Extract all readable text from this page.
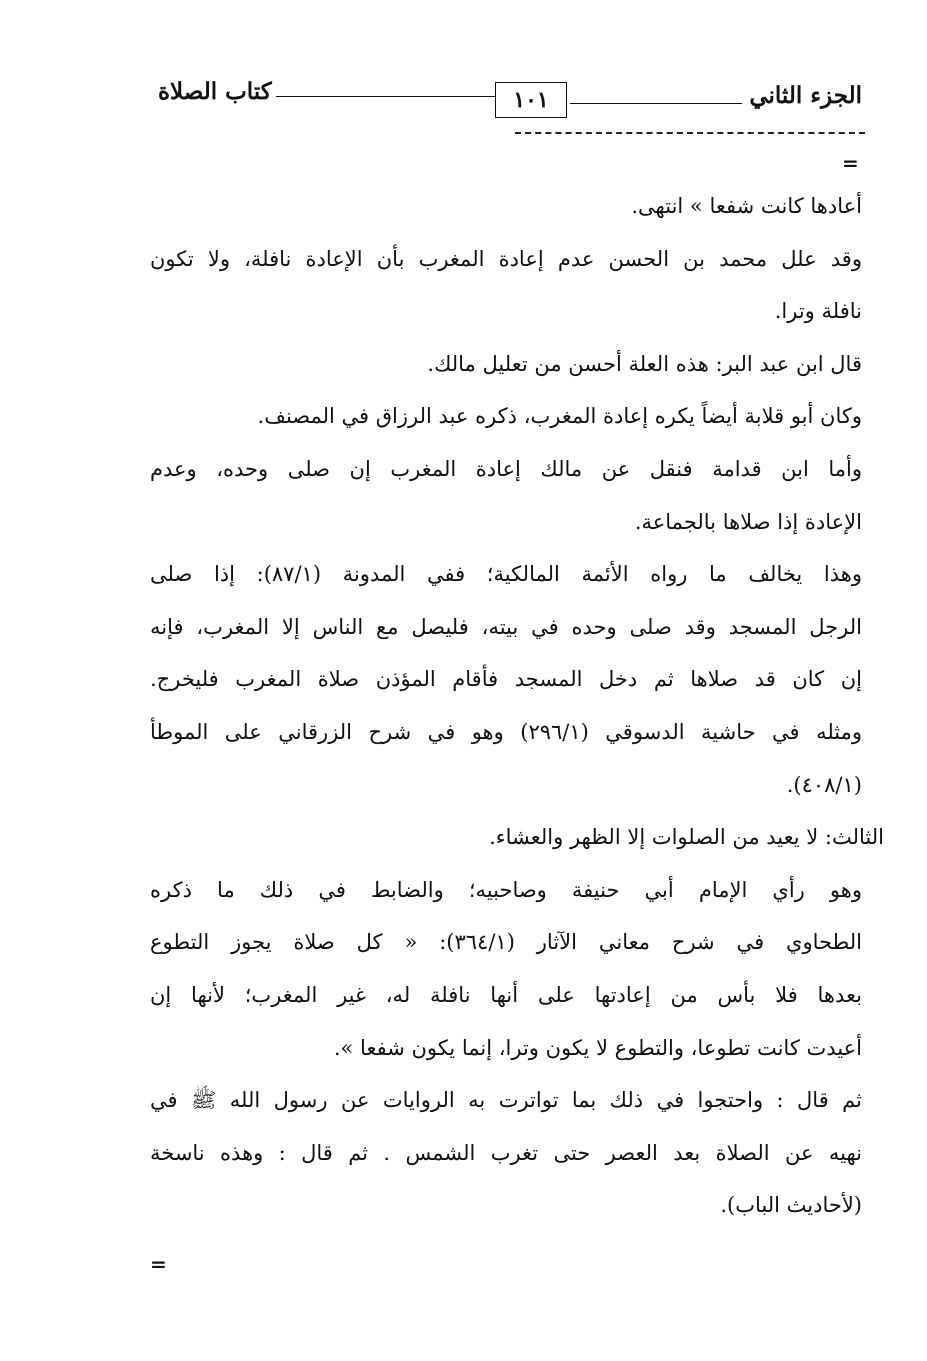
الجزء الثاني
١٠١
كتاب الصلاة
=
أعادها كانت شفعا » انتهى.
وقد علل محمد بن الحسن عدم إعادة المغرب بأن الإعادة نافلة، ولا تكون
نافلة وترا.
قال ابن عبد البر: هذه العلة أحسن من تعليل مالك.
وكان أبو قلابة أيضاً يكره إعادة المغرب، ذكره عبد الرزاق في المصنف.
وأما ابن قدامة فنقل عن مالك إعادة المغرب إن صلى وحده، وعدم
الإعادة إذا صلاها بالجماعة.
وهذا يخالف ما رواه الأئمة المالكية؛ ففي المدونة (٨٧/١): إذا صلى
الرجل المسجد وقد صلى وحده في بيته، فليصل مع الناس إلا المغرب، فإنه
إن كان قد صلاها ثم دخل المسجد فأقام المؤذن صلاة المغرب فليخرج.
ومثله في حاشية الدسوقي (٢٩٦/١) وهو في شرح الزرقاني على الموطأ
(٤٠٨/١).
الثالث: لا يعيد من الصلوات إلا الظهر والعشاء.
وهو رأي الإمام أبي حنيفة وصاحبيه؛ والضابط في ذلك ما ذكره
الطحاوي في شرح معاني الآثار (٣٦٤/١): « كل صلاة يجوز التطوع
بعدها فلا بأس من إعادتها على أنها نافلة له، غير المغرب؛ لأنها إن
أعيدت كانت تطوعا، والتطوع لا يكون وترا، إنما يكون شفعا ».
ثم قال : واحتجوا في ذلك بما تواترت به الروايات عن رسول الله ﷺ في
نهيه عن الصلاة بعد العصر حتى تغرب الشمس . ثم قال : وهذه ناسخة
(لأحاديث الباب).
=
